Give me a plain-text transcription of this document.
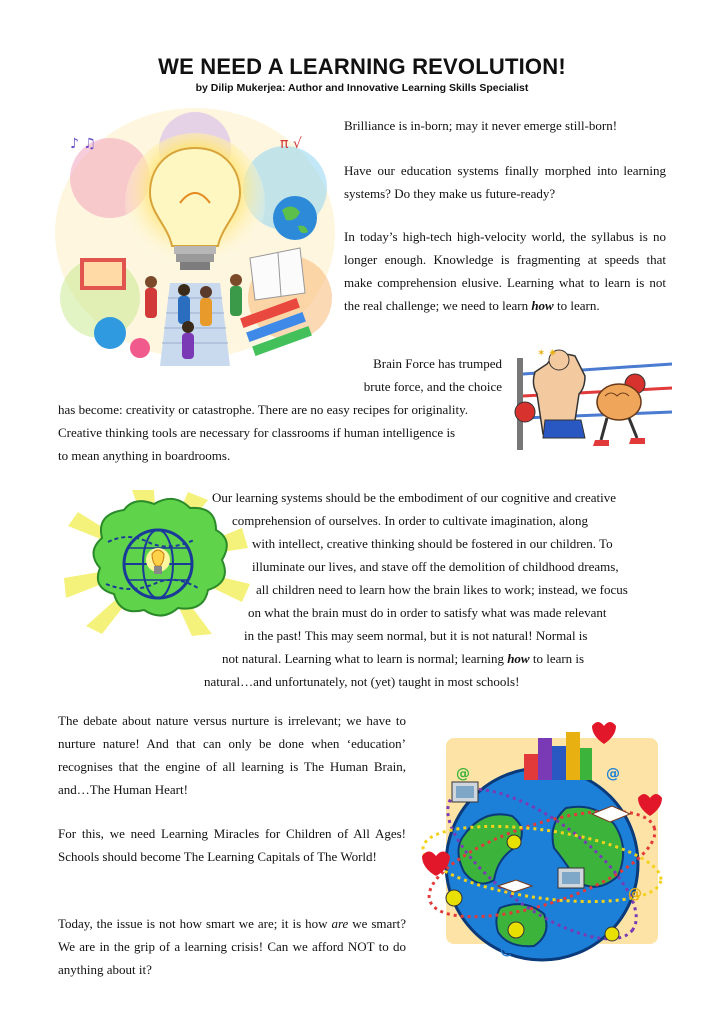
WE NEED A LEARNING REVOLUTION!
by Dilip Mukerjea: Author and Innovative Learning Skills Specialist
♪ ♫	π √

Brilliance is in-born; may it never emerge still-born!

Have our education systems finally morphed into learning systems? Do they make us future-ready?

In today’s high-tech high-velocity world, the syllabus is no longer enough. Knowledge is fragmenting at speeds that make comprehension elusive. Learning what to learn is not the real challenge; we need to learn how to learn.

✶ ✷

Brain Force has trumped

brute force, and the choice

has become: creativity or catastrophe. There are no easy recipes for originality.

Creative thinking tools are necessary for classrooms if human intelligence is

to mean anything in boardrooms.

Our learning systems should be the embodiment of our cognitive and creative

comprehension of ourselves. In order to cultivate imagination, along

with intellect, creative thinking should be fostered in our children. To

illuminate our lives, and stave off the demolition of childhood dreams,

all children need to learn how the brain likes to work; instead, we focus

on what the brain must do in order to satisfy what was made relevant

in the past! This may seem normal, but it is not natural! Normal is

not natural. Learning what to learn is normal; learning how to learn is

natural…and unfortunately, not (yet) taught in most schools!

The debate about nature versus nurture is irrelevant; we have to nurture nature! And that can only be done when ‘education’ recognises that the engine of all learning is The Human Brain, and…The Human Heart!

For this, we need Learning Miracles for Children of All Ages! Schools should become The Learning Capitals of The World!

Today, the issue is not how smart we are; it is how are we smart? We are in the grip of a learning crisis! Can we afford NOT to do anything about it?

@
@
@
@
